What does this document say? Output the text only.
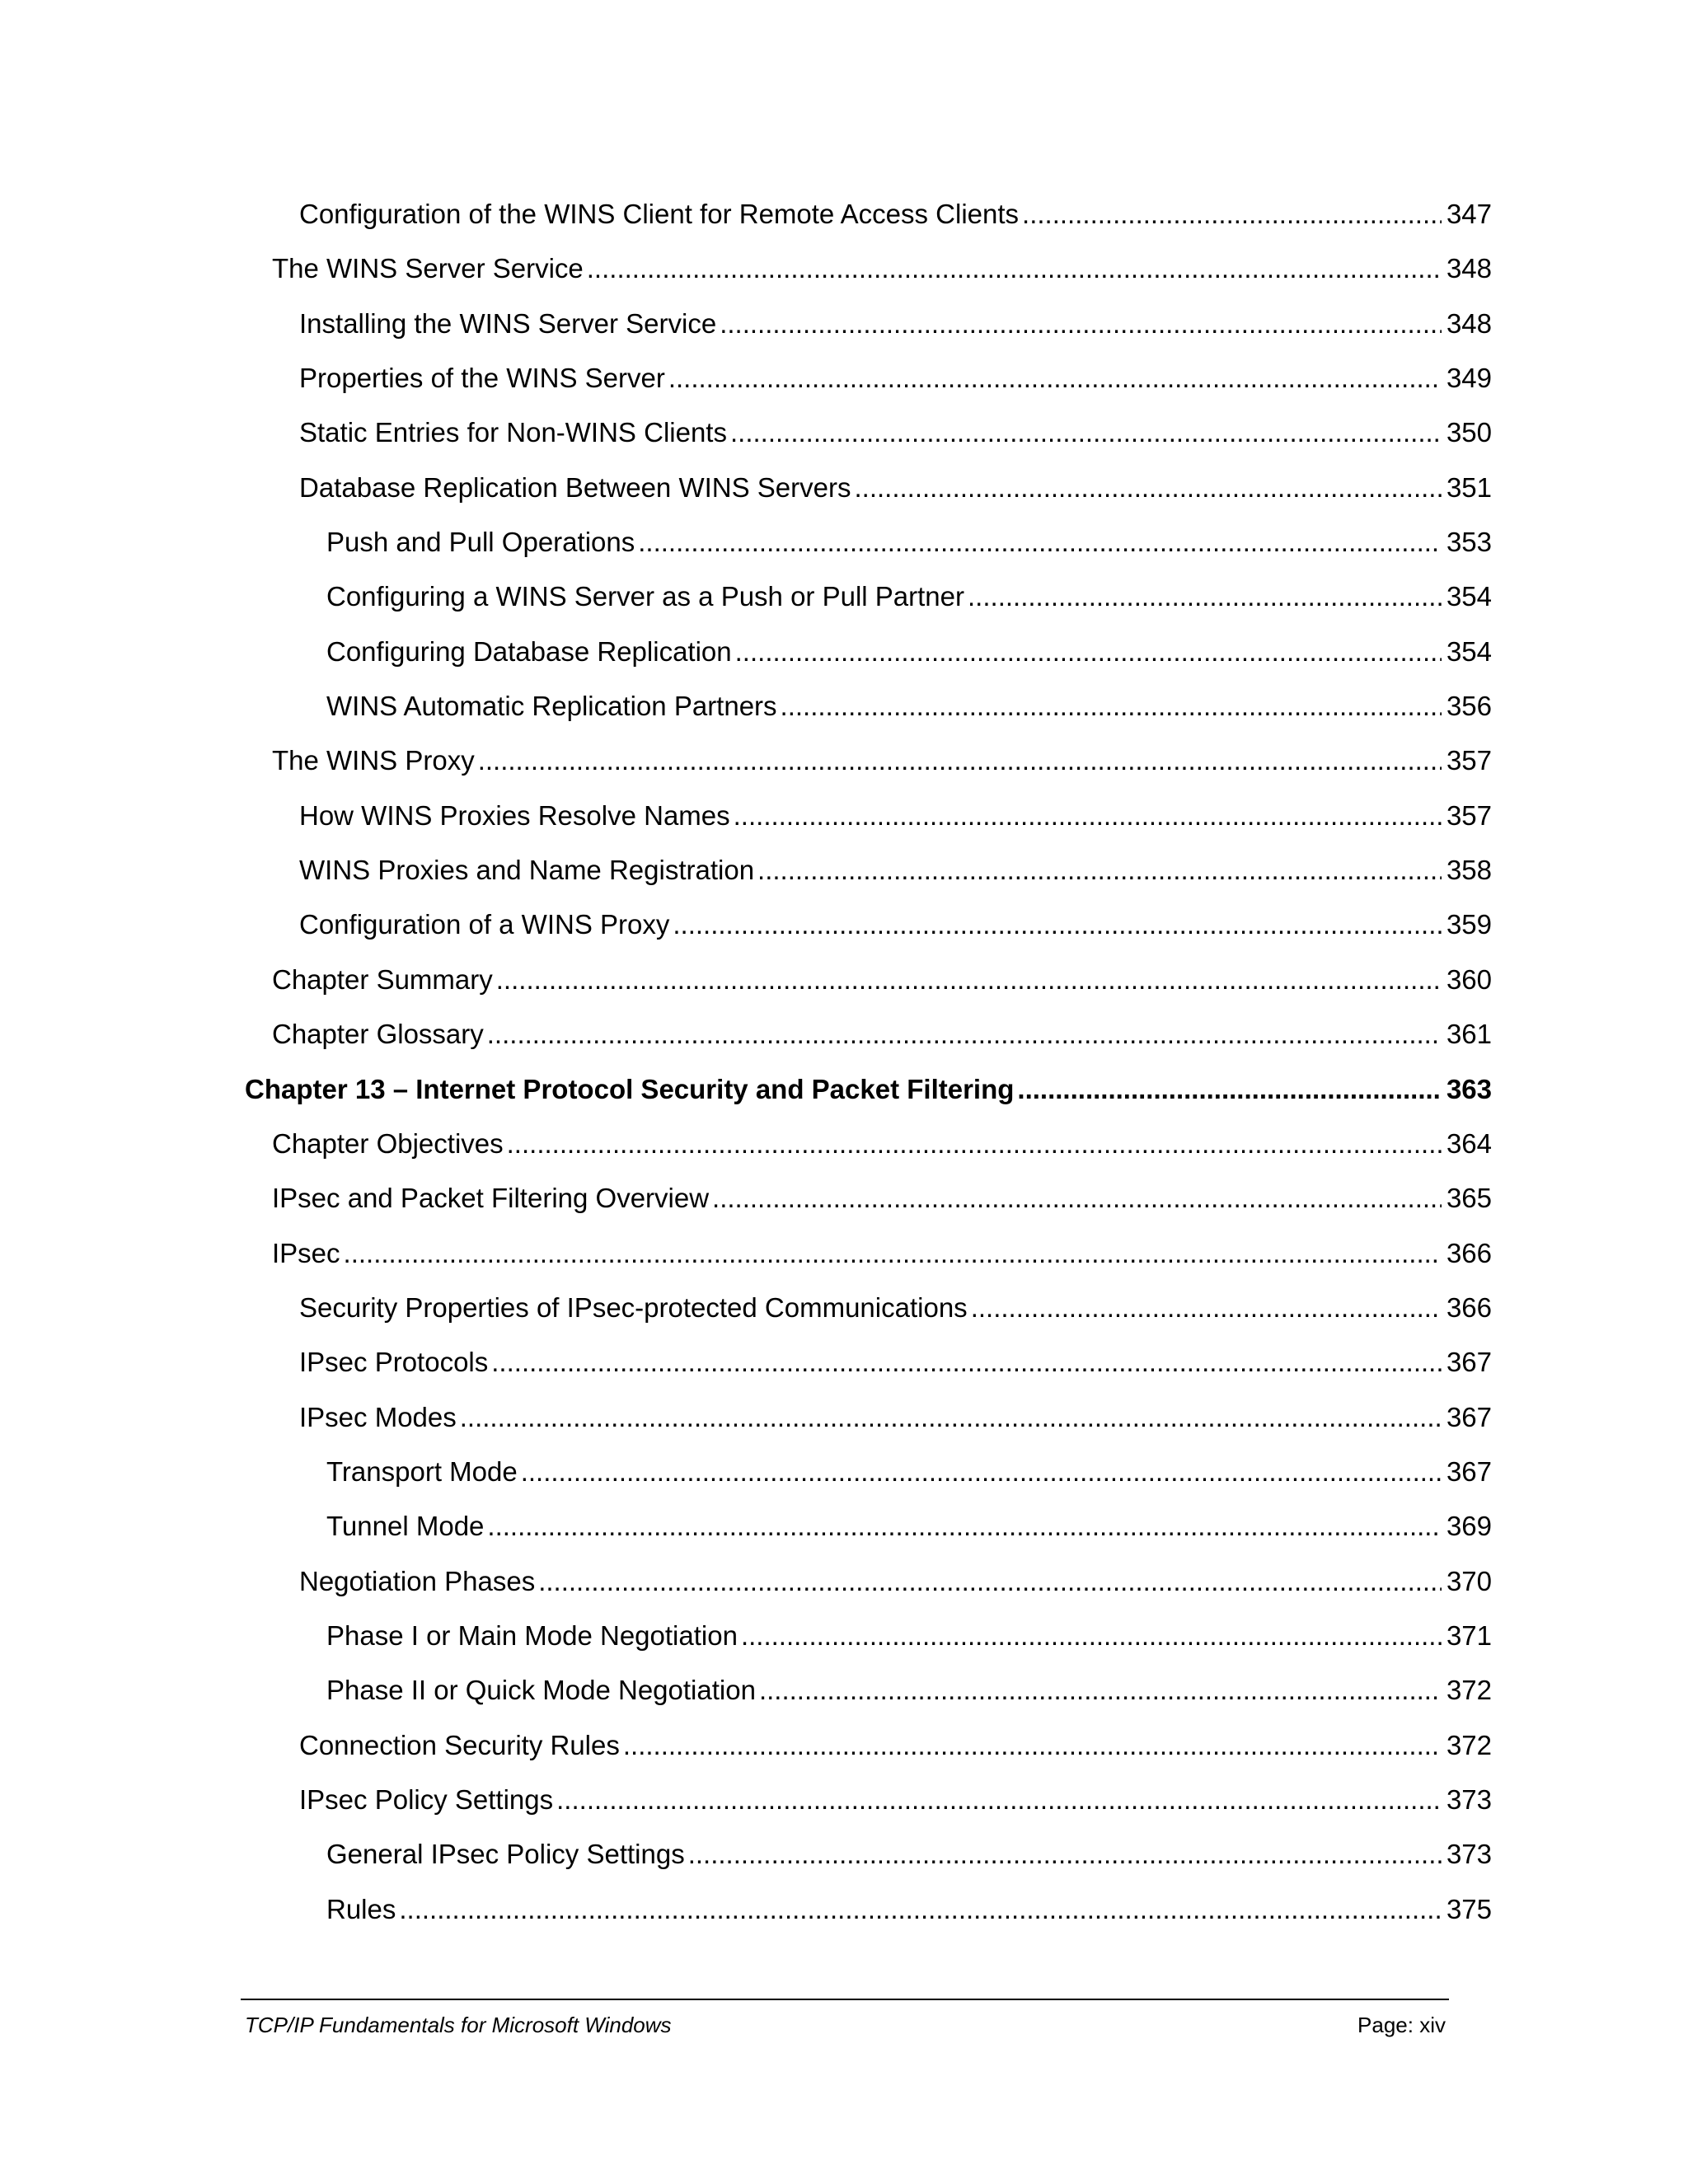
Configuration of the WINS Client for Remote Access Clients .....	347
The WINS Server Service .....	348
Installing the WINS Server Service .....	348
Properties of the WINS Server .....	349
Static Entries for Non-WINS Clients .....	350
Database Replication Between WINS Servers .....	351
Push and Pull Operations .....	353
Configuring a WINS Server as a Push or Pull Partner .....	354
Configuring Database Replication .....	354
WINS Automatic Replication Partners .....	356
The WINS Proxy .....	357
How WINS Proxies Resolve Names .....	357
WINS Proxies and Name Registration .....	358
Configuration of a WINS Proxy .....	359
Chapter Summary .....	360
Chapter Glossary .....	361
Chapter 13 – Internet Protocol Security and Packet Filtering .....	363
Chapter Objectives .....	364
IPsec and Packet Filtering Overview .....	365
IPsec .....	366
Security Properties of IPsec-protected Communications .....	366
IPsec Protocols .....	367
IPsec Modes .....	367
Transport Mode .....	367
Tunnel Mode .....	369
Negotiation Phases .....	370
Phase I or Main Mode Negotiation .....	371
Phase II or Quick Mode Negotiation .....	372
Connection Security Rules .....	372
IPsec Policy Settings .....	373
General IPsec Policy Settings .....	373
Rules .....	375
TCP/IP Fundamentals for Microsoft Windows	Page: xiv
